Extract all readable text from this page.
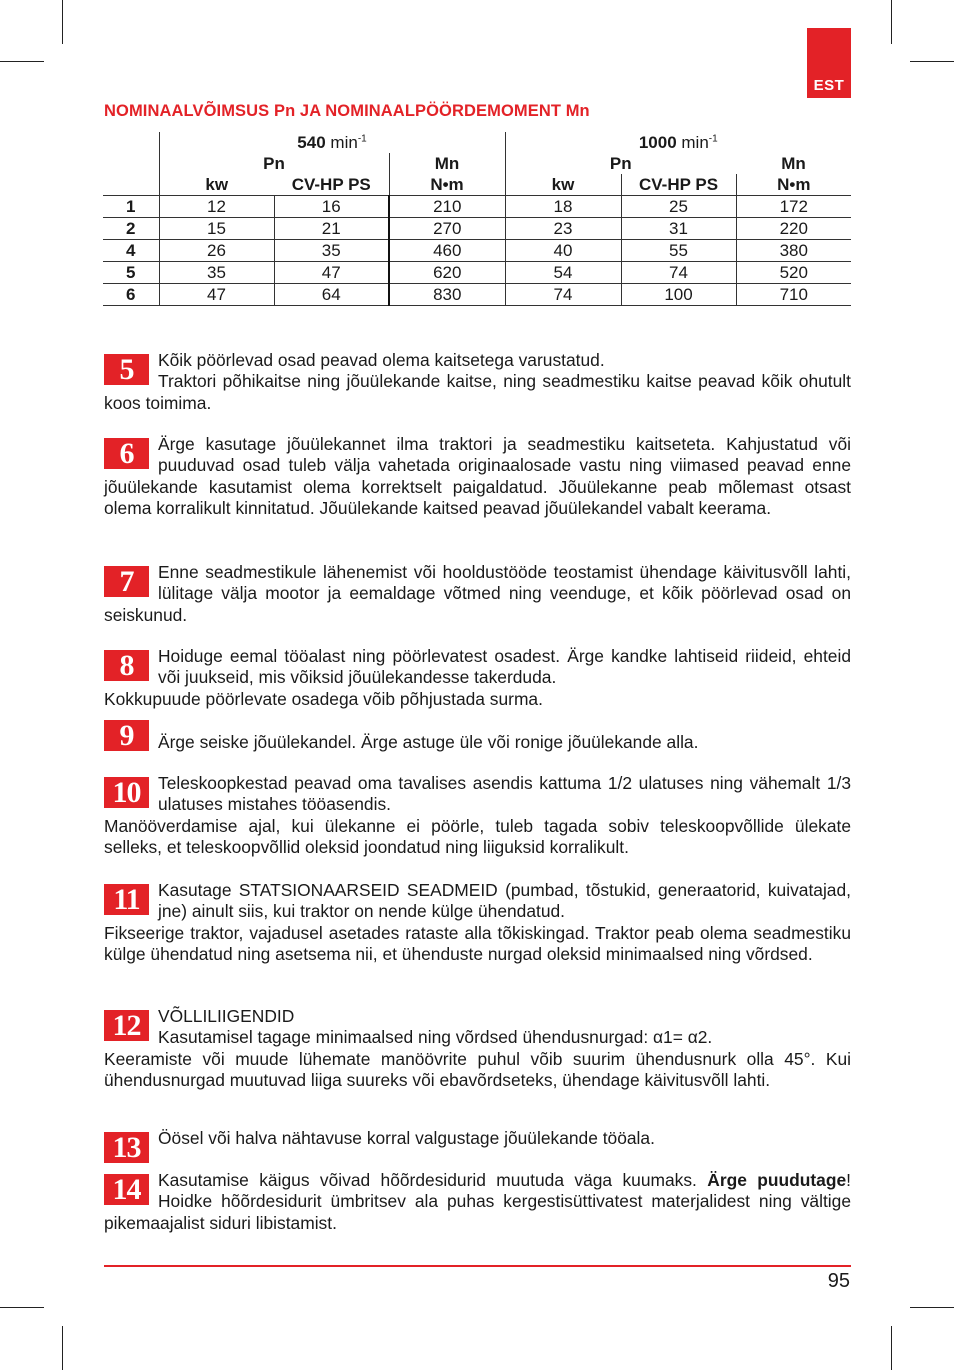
EST
NOMINAALVÕIMSUS Pn JA NOMINAALPÖÖRDEMOMENT Mn
	540 $\min^{-1}$			1000 $\min^{-1}$
	Pn		Mn	Pn		Mn
	kw	CV-HP PS	N•m	kw	CV-HP PS	N•m
1	12	16	210	18	25	172
2	15	21	270	23	31	220
4	26	35	460	40	55	380
5	35	47	620	54	74	520
6	47	64	830	74	100	710
5	Kõik pöörlevad osad peavad olema kaitsetega varustatud.

Traktori põhikaitse ning jõuülekande kaitse, ning seadmestiku kaitse peavad kõik ohutult koos toimima.

6	Ärge kasutage jõuülekannet ilma traktori ja seadmestiku kaitseteta. Kahjustatud või puuduvad osad tuleb välja vahetada originaalosade vastu ning viimased peavad enne jõuülekande kasutamist olema korrektselt paigaldatud. Jõuülekanne peab mõlemast otsast olema korralikult kinnitatud. Jõuülekande kaitsed peavad jõuülekandel vabalt keerama.

7	Enne seadmestikule lähenemist või hooldustööde teostamist ühendage käivitusvõll lahti, lülitage välja mootor ja eemaldage võtmed ning veenduge, et kõik pöörlevad osad on seiskunud.

8	Hoiduge eemal tööalast ning pöörlevatest osadest. Ärge kandke lahtiseid riideid, ehteid või juukseid, mis võiksid jõuülekandesse takerduda.

Kokkupuude pöörlevate osadega võib põhjustada surma.

9	Ärge seiske jõuülekandel. Ärge astuge üle või ronige jõuülekande alla.

10	Teleskoopkestad peavad oma tavalises asendis kattuma 1/2 ulatuses ning vähemalt 1/3 ulatuses mistahes tööasendis.

Manööverdamise ajal, kui ülekanne ei pöörle, tuleb tagada sobiv teleskoopvõllide ülekate selleks, et teleskoopvõllid oleksid joondatud ning liiguksid korralikult.

11	Kasutage STATSIONAARSEID SEADMEID (pumbad, tõstukid, generaatorid, kuivatajad, jne) ainult siis, kui traktor on nende külge ühendatud.

Fikseerige traktor, vajadusel asetades rataste alla tõkiskingad. Traktor peab olema seadmestiku külge ühendatud ning asetsema nii, et ühenduste nurgad oleksid minimaalsed ning võrdsed.

12	VÕLLILIIGENDID

Kasutamisel tagage minimaalsed ning võrdsed ühendusnurgad: α1= α2.

Keeramiste või muude lühemate manöövrite puhul võib suurim ühendusnurk olla 45°. Kui ühendusnurgad muutuvad liiga suureks või ebavõrdseteks, ühendage käivitusvõll lahti.

13	Öösel või halva nähtavuse korral valgustage jõuülekande tööala.

14	Kasutamise käigus võivad hõõrdesidurid muutuda väga kuumaks. Ärge puudutage! Hoidke hõõrdesidurit ümbritsev ala puhas kergestisüttivatest materjalidest ning vältige pikemaajalist siduri libistamist.

95
